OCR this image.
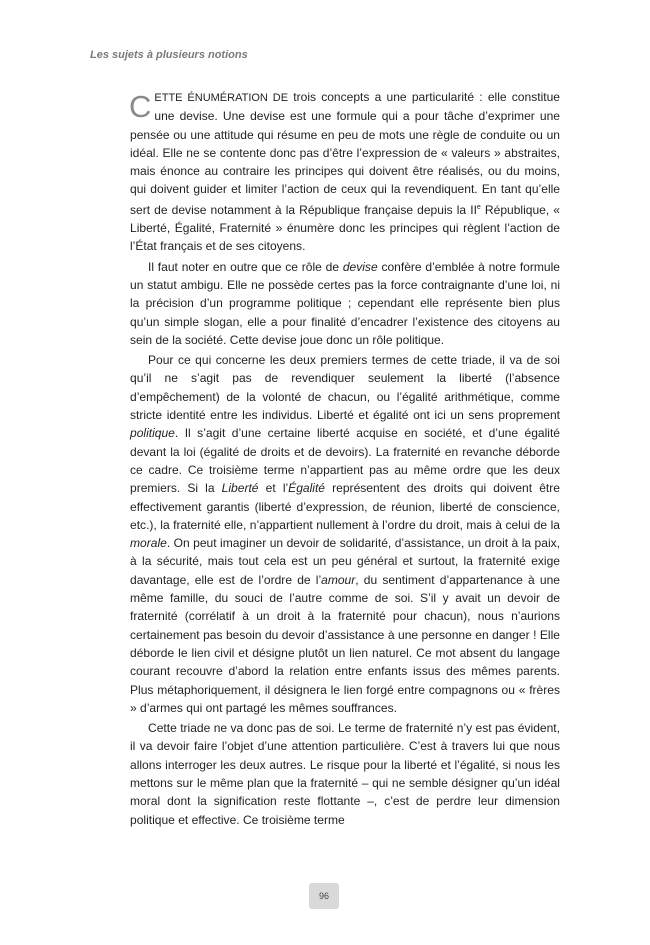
Les sujets à plusieurs notions

CETTE ÉNUMÉRATION DE trois concepts a une particularité : elle constitue une devise. Une devise est une formule qui a pour tâche d’exprimer une pensée ou une attitude qui résume en peu de mots une règle de conduite ou un idéal. Elle ne se contente donc pas d’être l’expression de « valeurs » abstraites, mais énonce au contraire les principes qui doivent être réalisés, ou du moins, qui doivent guider et limiter l’action de ceux qui la revendiquent. En tant qu’elle sert de devise notamment à la République française depuis la IIe République, « Liberté, Égalité, Fraternité » énumère donc les principes qui règlent l’action de l’État français et de ses citoyens.

Il faut noter en outre que ce rôle de devise confère d’emblée à notre formule un statut ambigu. Elle ne possède certes pas la force contraignante d’une loi, ni la précision d’un programme politique ; cependant elle représente bien plus qu’un simple slogan, elle a pour finalité d’encadrer l’existence des citoyens au sein de la société. Cette devise joue donc un rôle politique.

Pour ce qui concerne les deux premiers termes de cette triade, il va de soi qu’il ne s’agit pas de revendiquer seulement la liberté (l’absence d’empêchement) de la volonté de chacun, ou l’égalité arithmétique, comme stricte identité entre les individus. Liberté et égalité ont ici un sens proprement politique. Il s’agit d’une certaine liberté acquise en société, et d’une égalité devant la loi (égalité de droits et de devoirs). La fraternité en revanche déborde ce cadre. Ce troisième terme n’appartient pas au même ordre que les deux premiers. Si la Liberté et l’Égalité représentent des droits qui doivent être effectivement garantis (liberté d’expression, de réunion, liberté de conscience, etc.), la fraternité elle, n’appartient nullement à l’ordre du droit, mais à celui de la morale. On peut imaginer un devoir de solidarité, d’assistance, un droit à la paix, à la sécurité, mais tout cela est un peu général et surtout, la fraternité exige davantage, elle est de l’ordre de l’amour, du sentiment d’appartenance à une même famille, du souci de l’autre comme de soi. S’il y avait un devoir de fraternité (corrélatif à un droit à la fraternité pour chacun), nous n’aurions certainement pas besoin du devoir d’assistance à une personne en danger ! Elle déborde le lien civil et désigne plutôt un lien naturel. Ce mot absent du langage courant recouvre d’abord la relation entre enfants issus des mêmes parents. Plus métaphoriquement, il désignera le lien forgé entre compagnons ou « frères » d’armes qui ont partagé les mêmes souffrances.

Cette triade ne va donc pas de soi. Le terme de fraternité n’y est pas évident, il va devoir faire l’objet d’une attention particulière. C’est à travers lui que nous allons interroger les deux autres. Le risque pour la liberté et l’égalité, si nous les mettons sur le même plan que la fraternité – qui ne semble désigner qu’un idéal moral dont la signification reste flottante –, c’est de perdre leur dimension politique et effective. Ce troisième terme

96
